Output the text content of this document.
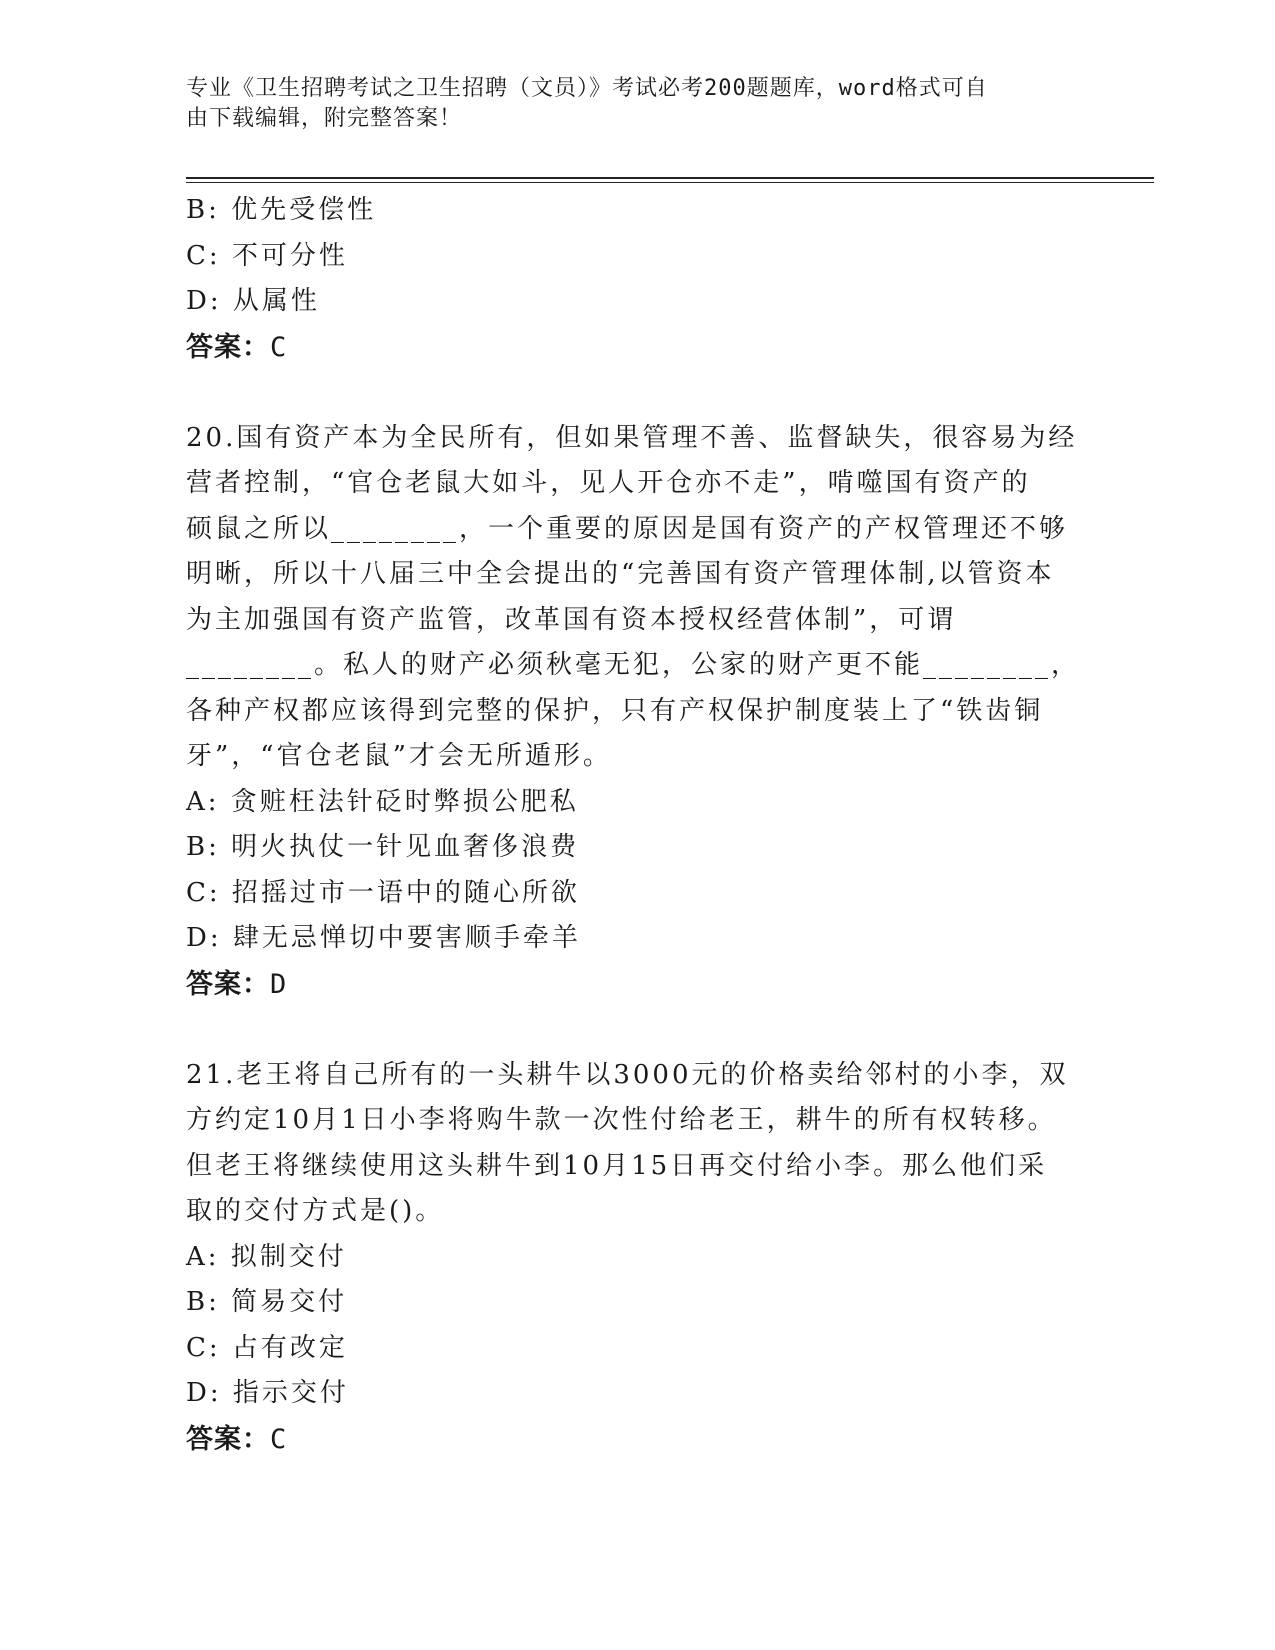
专业《卫生招聘考试之卫生招聘（文员）》考试必考200题题库，word格式可自
由下载编辑，附完整答案！

B: 优先受偿性

C: 不可分性

D: 从属性

答案：C

20.国有资产本为全民所有，但如果管理不善、监督缺失，很容易为经

营者控制，“官仓老鼠大如斗，见人开仓亦不走”，啃噬国有资产的

硕鼠之所以________，一个重要的原因是国有资产的产权管理还不够

明晰，所以十八届三中全会提出的“完善国有资产管理体制,以管资本

为主加强国有资产监管，改革国有资本授权经营体制”，可谓

________。私人的财产必须秋毫无犯，公家的财产更不能________，

各种产权都应该得到完整的保护，只有产权保护制度装上了“铁齿铜

牙”，“官仓老鼠”才会无所遁形。

A: 贪赃枉法针砭时弊损公肥私

B: 明火执仗一针见血奢侈浪费

C: 招摇过市一语中的随心所欲

D: 肆无忌惮切中要害顺手牵羊

答案：D

21.老王将自己所有的一头耕牛以3000元的价格卖给邻村的小李，双

方约定10月1日小李将购牛款一次性付给老王，耕牛的所有权转移。

但老王将继续使用这头耕牛到10月15日再交付给小李。那么他们采

取的交付方式是()。

A: 拟制交付

B: 简易交付

C: 占有改定

D: 指示交付

答案：C
